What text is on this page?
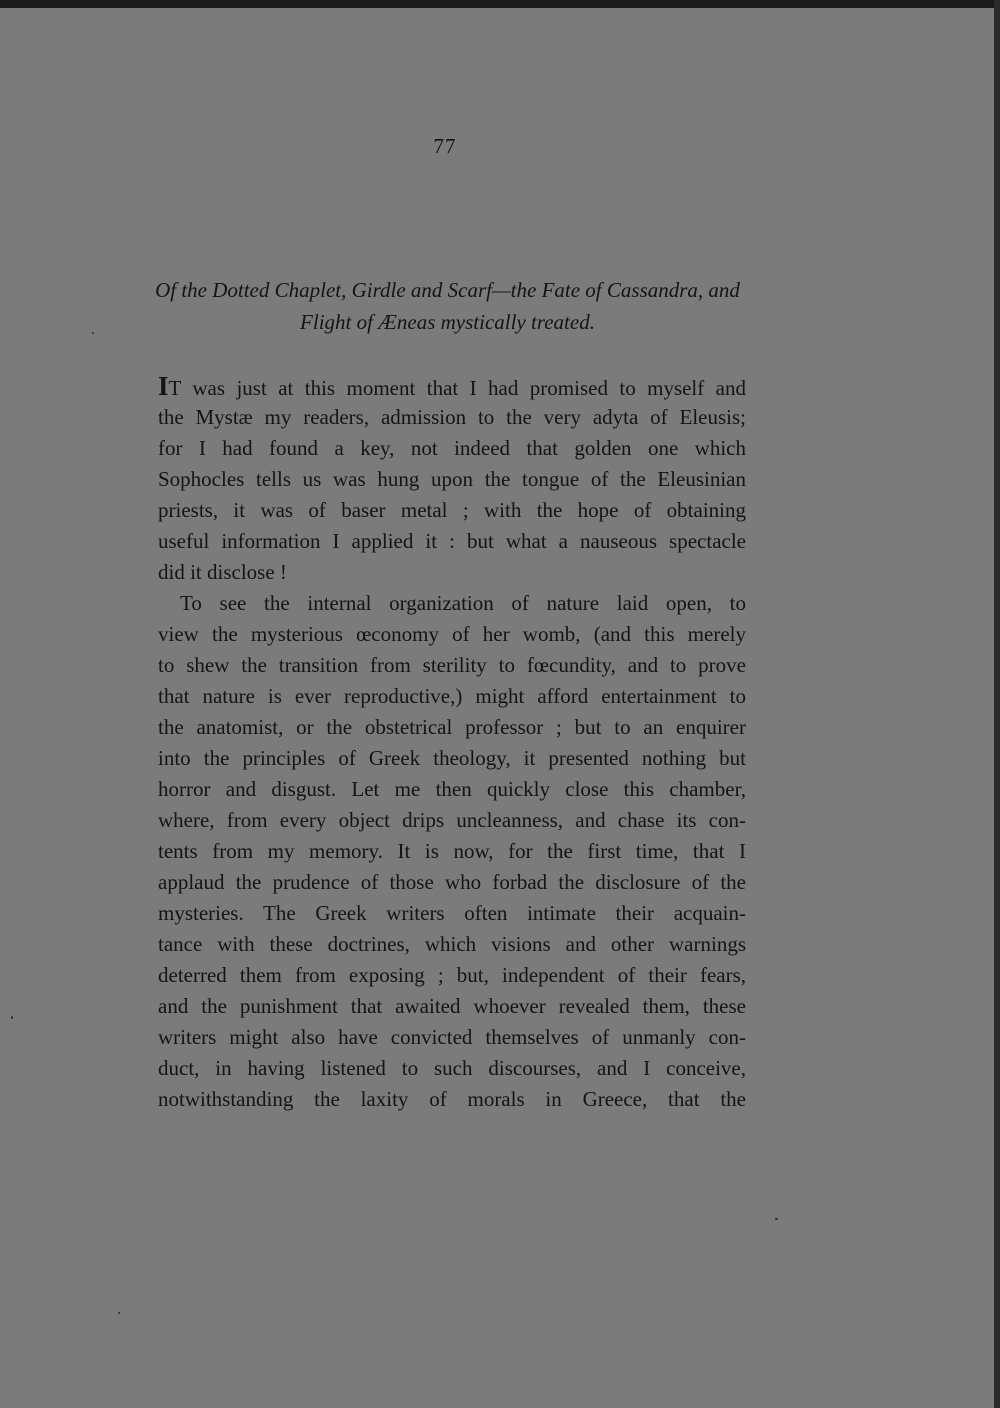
77
Of the Dotted Chaplet, Girdle and Scarf—the Fate of Cassandra, and
Flight of Æneas mystically treated.
IT was just at this moment that I had promised to myself and
the Mystæ my readers, admission to the very adyta of Eleusis;
for I had found a key, not indeed that golden one which
Sophocles tells us was hung upon the tongue of the Eleusinian
priests, it was of baser metal ; with the hope of obtaining
useful information I applied it : but what a nauseous spectacle
did it disclose !
To see the internal organization of nature laid open, to
view the mysterious œconomy of her womb, (and this merely
to shew the transition from sterility to fœcundity, and to prove
that nature is ever reproductive,) might afford entertainment to
the anatomist, or the obstetrical professor ; but to an enquirer
into the principles of Greek theology, it presented nothing but
horror and disgust. Let me then quickly close this chamber,
where, from every object drips uncleanness, and chase its con-
tents from my memory. It is now, for the first time, that I
applaud the prudence of those who forbad the disclosure of the
mysteries. The Greek writers often intimate their acquain-
tance with these doctrines, which visions and other warnings
deterred them from exposing ; but, independent of their fears,
and the punishment that awaited whoever revealed them, these
writers might also have convicted themselves of unmanly con-
duct, in having listened to such discourses, and I conceive,
notwithstanding the laxity of morals in Greece, that the
